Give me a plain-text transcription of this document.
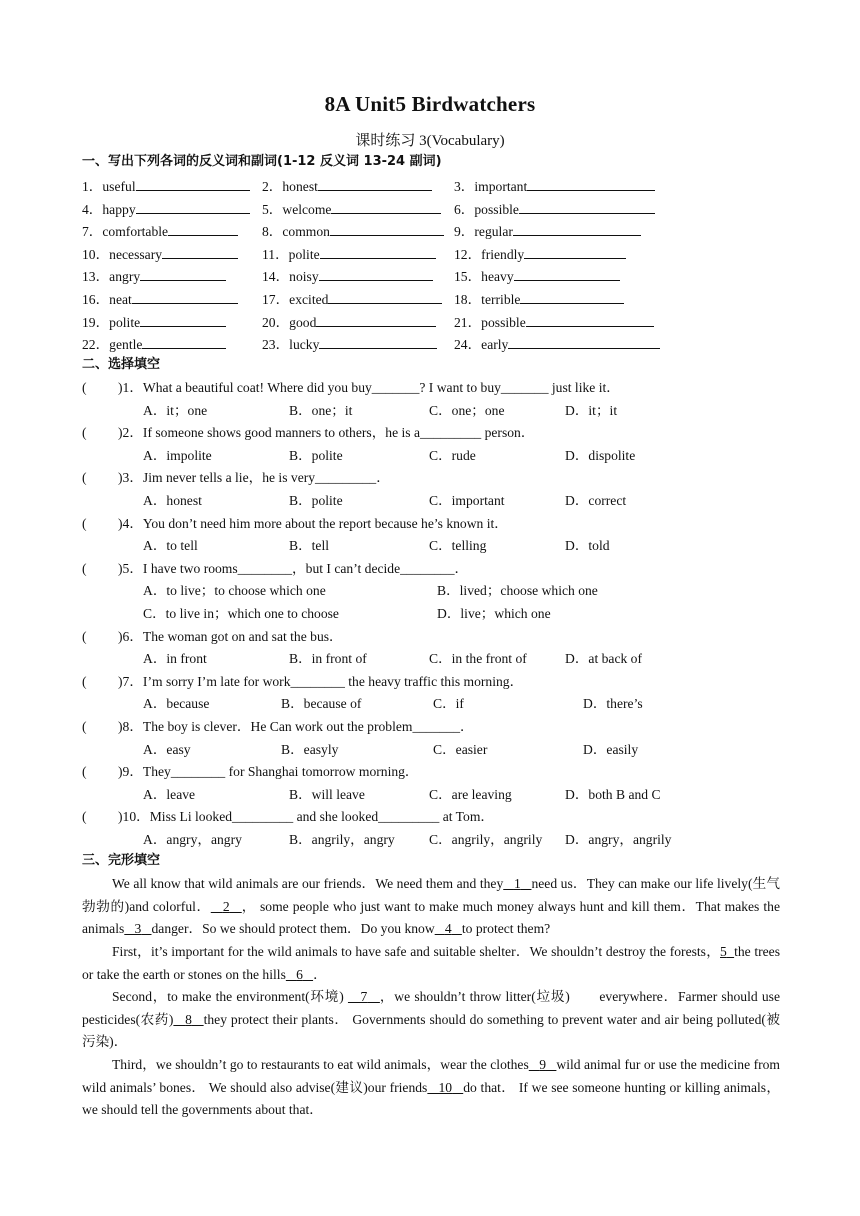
8A Unit5 Birdwatchers
课时练习 3(Vocabulary)
一、写出下列各词的反义词和副词(1-12 反义词 13-24 副词)
1．useful	2．honest	3．important
4．happy	5．welcome	6．possible
7．comfortable	8．common	9．regular
10．necessary	11．polite	12．friendly
13．angry	14．noisy	15．heavy
16．neat	17．excited	18．terrible
19．polite	20．good	21．possible
22．gentle	23．lucky	24．early
二、选择填空
( )1．What a beautiful coat! Where did you buy_______? I want to buy_______ just like it．
A．it；one	B．one；it	C．one；one	D．it；it
( )2．If someone shows good manners to others，he is a_________ person．
A．impolite	B．polite	C．rude	D．dispolite
( )3．Jim never tells a lie，he is very_________．
A．honest	B．polite	C．important	D．correct
( )4．You don’t need him more about the report because he’s known it．
A．to tell	B．tell	C．telling	D．told
( )5．I have two rooms________，but I can’t decide________．
A．to live；to choose which one	B．lived；choose which one
C．to live in；which one to choose	D．live；which one
( )6．The woman got on and sat the bus．
A．in front	B．in front of	C．in the front of	D．at back of
( )7．I’m sorry I’m late for work________ the heavy traffic this morning．
A．because	B．because of	C．if	D．there’s
( )8．The boy is clever．He Can work out the problem_______．
A．easy	B．easyly	C．easier	D．easily
( )9．They________ for Shanghai tomorrow morning．
A．leave	B．will leave	C．are leaving	D．both B and C
( )10．Miss Li looked_________ and she looked_________ at Tom．
A．angry，angry	B．angrily，angry	C．angrily，angrily D．angry，angrily
三、完形填空
We all know that wild animals are our friends．We need them and they 1 need us．They can make our life lively(生气勃勃的)and colorful． 2 ， some people who just want to make much money always hunt and kill them．That makes the animals 3 danger．So we should protect them．Do you know 4 to protect them?
First，it’s important for the wild animals to have safe and suitable shelter．We shouldn’t destroy the forests，5 the trees or take the earth or stones on the hills 6 ．
Second，to make the environment(环境) 7 ，we shouldn’t throw litter(垃圾)　　everywhere．Farmer should use pesticides(农药) 8 they protect their plants． Governments should do something to prevent water and air being polluted(被污染)．
Third，we shouldn’t go to restaurants to eat wild animals，wear the clothes 9 wild animal fur or use the medicine from wild animals’ bones． We should also advise(建议)our friends 10 do that． If we see someone hunting or killing animals，we should tell the governments about that．
